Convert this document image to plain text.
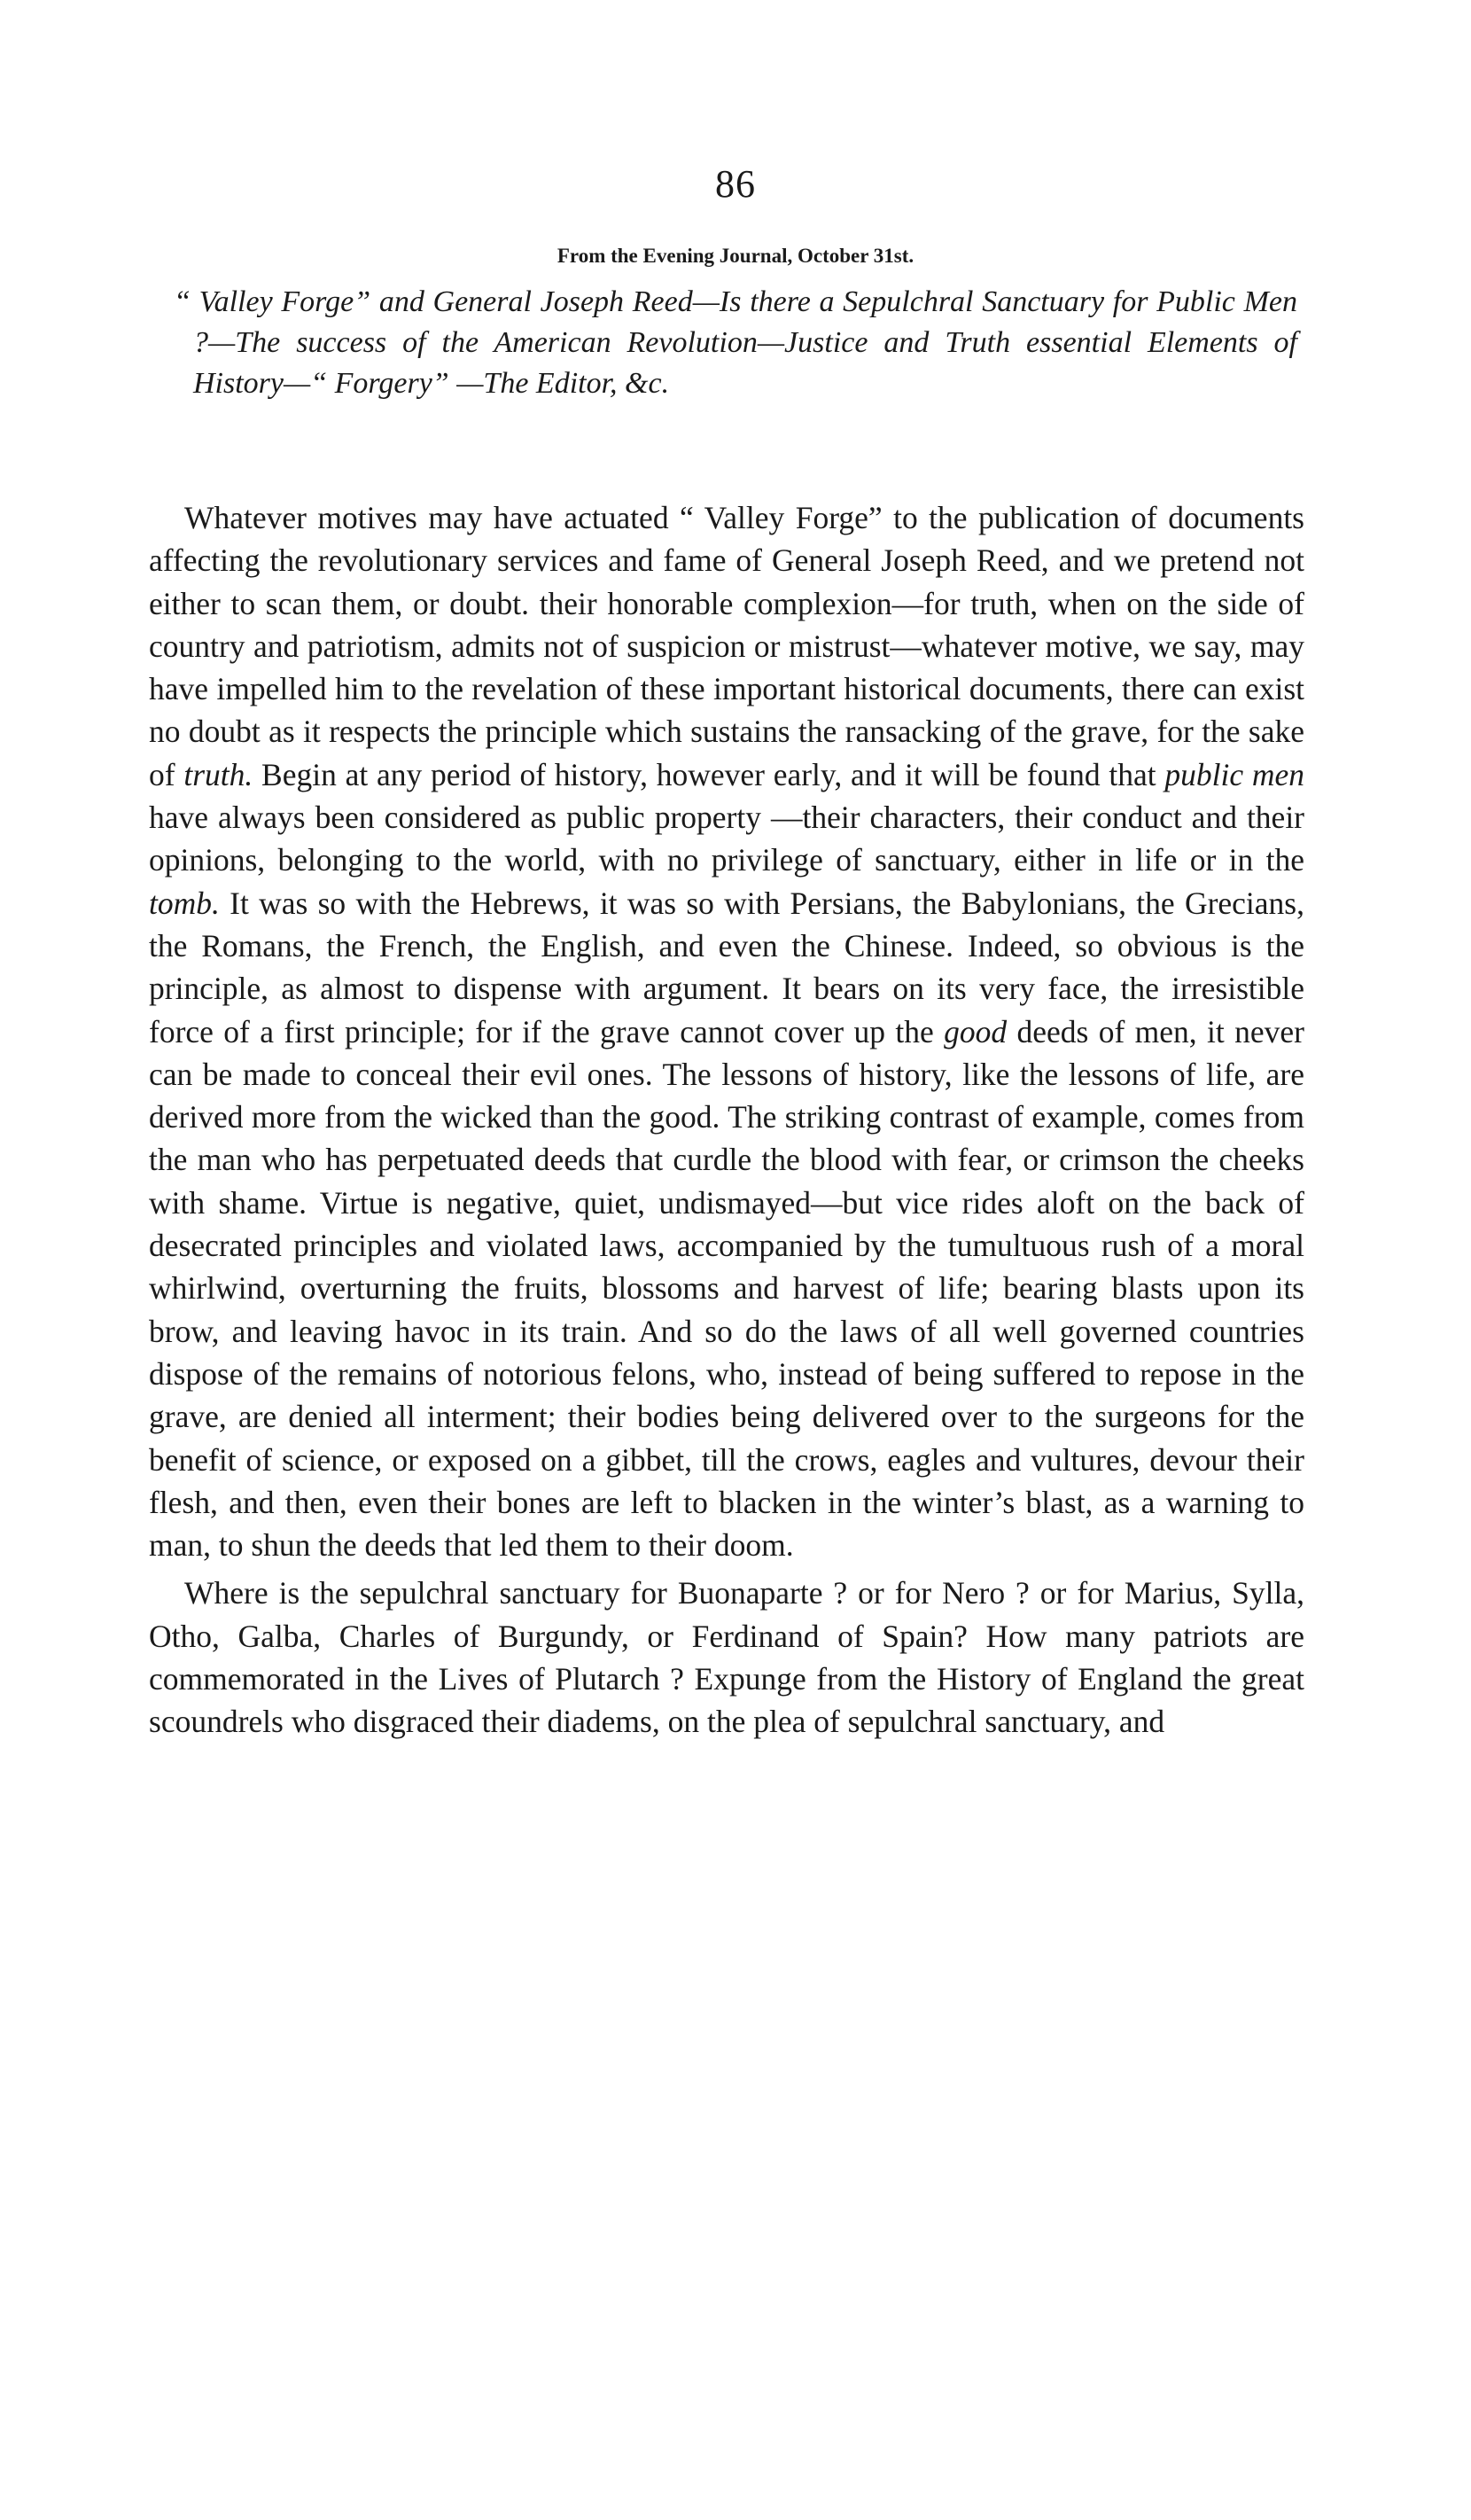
86
From the Evening Journal, October 31st.
“ Valley Forge” and General Joseph Reed—Is there a Sepulchral Sanctuary for Public Men ?—The success of the American Revolution—Justice and Truth essential Elements of History—“ Forgery” —The Editor, &c.

Whatever motives may have actuated “ Valley Forge” to the publication of documents affecting the revolutionary services and fame of General Joseph Reed, and we pretend not either to scan them, or doubt. their honorable complexion—for truth, when on the side of country and patriotism, admits not of suspicion or mistrust—whatever motive, we say, may have impelled him to the revelation of these important historical documents, there can exist no doubt as it respects the principle which sustains the ransacking of the grave, for the sake of truth. Begin at any period of history, however early, and it will be found that public men have always been considered as public property —their characters, their conduct and their opinions, belonging to the world, with no privilege of sanctuary, either in life or in the tomb. It was so with the Hebrews, it was so with Persians, the Babylonians, the Grecians, the Romans, the French, the English, and even the Chinese. Indeed, so obvious is the principle, as almost to dispense with argument. It bears on its very face, the irresistible force of a first principle; for if the grave cannot cover up the good deeds of men, it never can be made to conceal their evil ones. The lessons of history, like the lessons of life, are derived more from the wicked than the good. The striking contrast of example, comes from the man who has perpetuated deeds that curdle the blood with fear, or crimson the cheeks with shame. Virtue is negative, quiet, undismayed—but vice rides aloft on the back of desecrated principles and violated laws, accompanied by the tumultuous rush of a moral whirlwind, overturning the fruits, blossoms and harvest of life; bearing blasts upon its brow, and leaving havoc in its train. And so do the laws of all well governed countries dispose of the remains of notorious felons, who, instead of being suffered to repose in the grave, are denied all interment; their bodies being delivered over to the surgeons for the benefit of science, or exposed on a gibbet, till the crows, eagles and vultures, devour their flesh, and then, even their bones are left to blacken in the winter’s blast, as a warning to man, to shun the deeds that led them to their doom.

Where is the sepulchral sanctuary for Buonaparte ? or for Nero ? or for Marius, Sylla, Otho, Galba, Charles of Burgundy, or Ferdinand of Spain? How many patriots are commemorated in the Lives of Plutarch ? Expunge from the History of England the great scoundrels who disgraced their diadems, on the plea of sepulchral sanctuary, and
